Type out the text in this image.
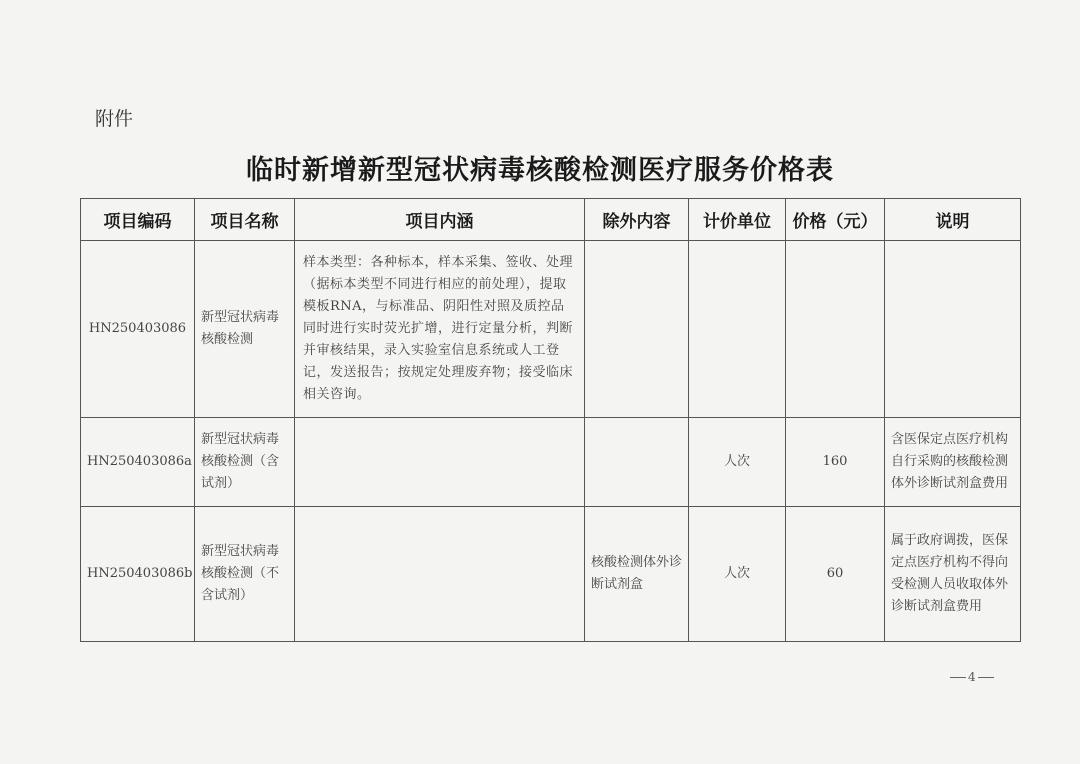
附件
临时新增新型冠状病毒核酸检测医疗服务价格表
项目编码	项目名称	项目内涵	除外内容	计价单位	价格（元）	说明
HN250403086	新型冠状病毒核酸检测	样本类型：各种标本，样本采集、签收、处理（据标本类型不同进行相应的前处理），提取模板RNA，与标准品、阴阳性对照及质控品同时进行实时荧光扩增，进行定量分析，判断并审核结果，录入实验室信息系统或人工登记，发送报告；按规定处理废弃物；接受临床相关咨询。				
HN250403086a	新型冠状病毒核酸检测（含试剂）			人次	160	含医保定点医疗机构自行采购的核酸检测体外诊断试剂盒费用
HN250403086b	新型冠状病毒核酸检测（不含试剂）		核酸检测体外诊断试剂盒	人次	60	属于政府调拨，医保定点医疗机构不得向受检测人员收取体外诊断试剂盒费用
4
